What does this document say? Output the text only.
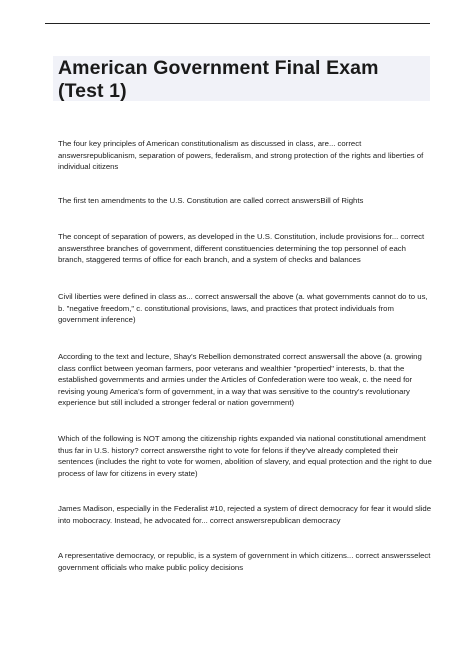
American Government Final Exam (Test 1)

The four key principles of American constitutionalism as discussed in class, are... correct answersrepublicanism, separation of powers, federalism, and strong protection of the rights and liberties of individual citizens

The first ten amendments to the U.S. Constitution are called correct answersBill of Rights

The concept of separation of powers, as developed in the U.S. Constitution, include provisions for... correct answersthree branches of government, different constituencies determining the top personnel of each branch, staggered terms of office for each branch, and a system of checks and balances

Civil liberties were defined in class as... correct answersall the above (a. what governments cannot do to us, b. "negative freedom," c. constitutional provisions, laws, and practices that protect individuals from government inference)

According to the text and lecture, Shay's Rebellion demonstrated correct answersall the above (a. growing class conflict between yeoman farmers, poor veterans and wealthier "propertied" interests, b. that the established governments and armies under the Articles of Confederation were too weak, c. the need for revising young America's form of government, in a way that was sensitive to the country's revolutionary experience but still included a stronger federal or nation government)

Which of the following is NOT among the citizenship rights expanded via national constitutional amendment thus far in U.S. history? correct answersthe right to vote for felons if they've already completed their sentences (includes the right to vote for women, abolition of slavery, and equal protection and the right to due process of law for citizens in every state)

James Madison, especially in the Federalist #10, rejected a system of direct democracy for fear it would slide into mobocracy. Instead, he advocated for... correct answersrepublican democracy

A representative democracy, or republic, is a system of government in which citizens... correct answersselect government officials who make public policy decisions
